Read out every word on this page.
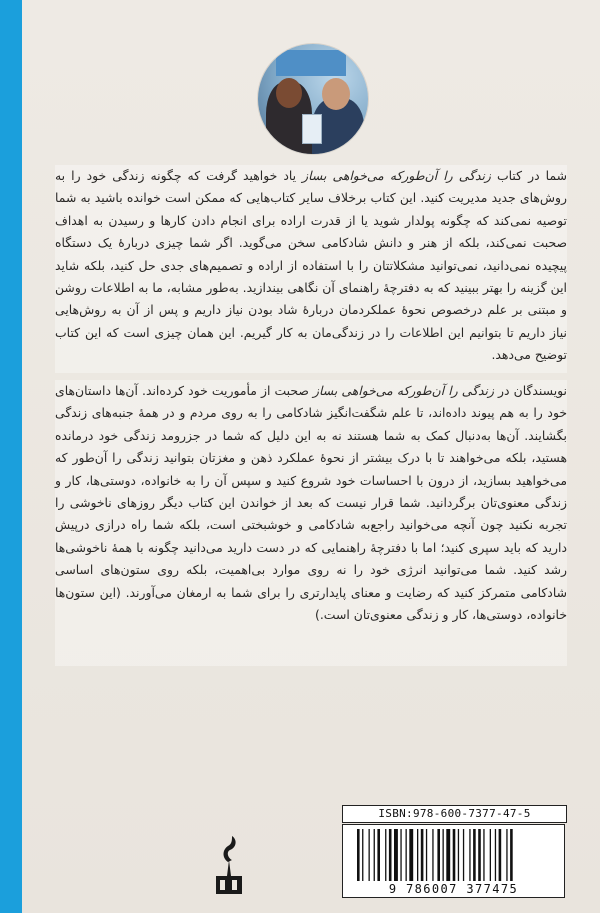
شما در کتاب زندگی را آن‌طورکه می‌خواهی بساز یاد خواهید گرفت که چگونه زندگی خود را به روش‌های جدید مدیریت کنید. این کتاب برخلاف سایر کتاب‌هایی که ممکن است خوانده باشید به شما توصیه نمی‌کند که چگونه پولدار شوید یا از قدرت اراده برای انجام دادن کارها و رسیدن به اهداف صحبت نمی‌کند، بلکه از هنر و دانش شادکامی سخن می‌گوید. اگر شما چیزی دربارهٔ یک دستگاه پیچیده نمی‌دانید، نمی‌توانید مشکلاتتان را با استفاده از اراده و تصمیم‌های جدی حل کنید، بلکه شاید این گزینه را بهتر ببینید که به دفترچهٔ راهنمای آن نگاهی بیندازید. به‌طور مشابه، ما به اطلاعات روشن و مبتنی بر علم درخصوص نحوهٔ عملکردمان دربارهٔ شاد بودن نیاز داریم و پس از آن به روش‌هایی نیاز داریم تا بتوانیم این اطلاعات را در زندگی‌مان به کار گیریم. این همان چیزی است که این کتاب توضیح می‌دهد.

نویسندگان در زندگی را آن‌طورکه می‌خواهی بساز صحبت از مأموریت خود کرده‌اند. آن‌ها داستان‌های خود را به هم پیوند داده‌اند، تا علم شگفت‌انگیز شادکامی را به روی مردم و در همهٔ جنبه‌های زندگی بگشایند. آن‌ها به‌دنبال کمک به شما هستند نه به این دلیل که شما در جزرومد زندگی خود درمانده هستید، بلکه می‌خواهند تا با درک بیشتر از نحوهٔ عملکرد ذهن و مغزتان بتوانید زندگی را آن‌طور که می‌خواهید بسازید، از درون با احساسات خود شروع کنید و سپس آن را به خانواده، دوستی‌ها، کار و زندگی معنوی‌تان برگردانید. شما قرار نیست که بعد از خواندن این کتاب دیگر روزهای ناخوشی را تجربه نکنید چون آنچه می‌خوانید راجع‌به شادکامی و خوشبختی است، بلکه شما راه درازی درپیش دارید که باید سپری کنید؛ اما با دفترچهٔ راهنمایی که در دست دارید می‌دانید چگونه با همهٔ ناخوشی‌ها رشد کنید. شما می‌توانید انرژی خود را نه روی موارد بی‌اهمیت، بلکه روی ستون‌های اساسی شادکامی متمرکز کنید که رضایت و معنای پایدارتری را برای شما به ارمغان می‌آورند. (این ستون‌ها خانواده، دوستی‌ها، کار و زندگی معنوی‌تان است.)

ISBN:978-600-7377-47-5
9 786007 377475
